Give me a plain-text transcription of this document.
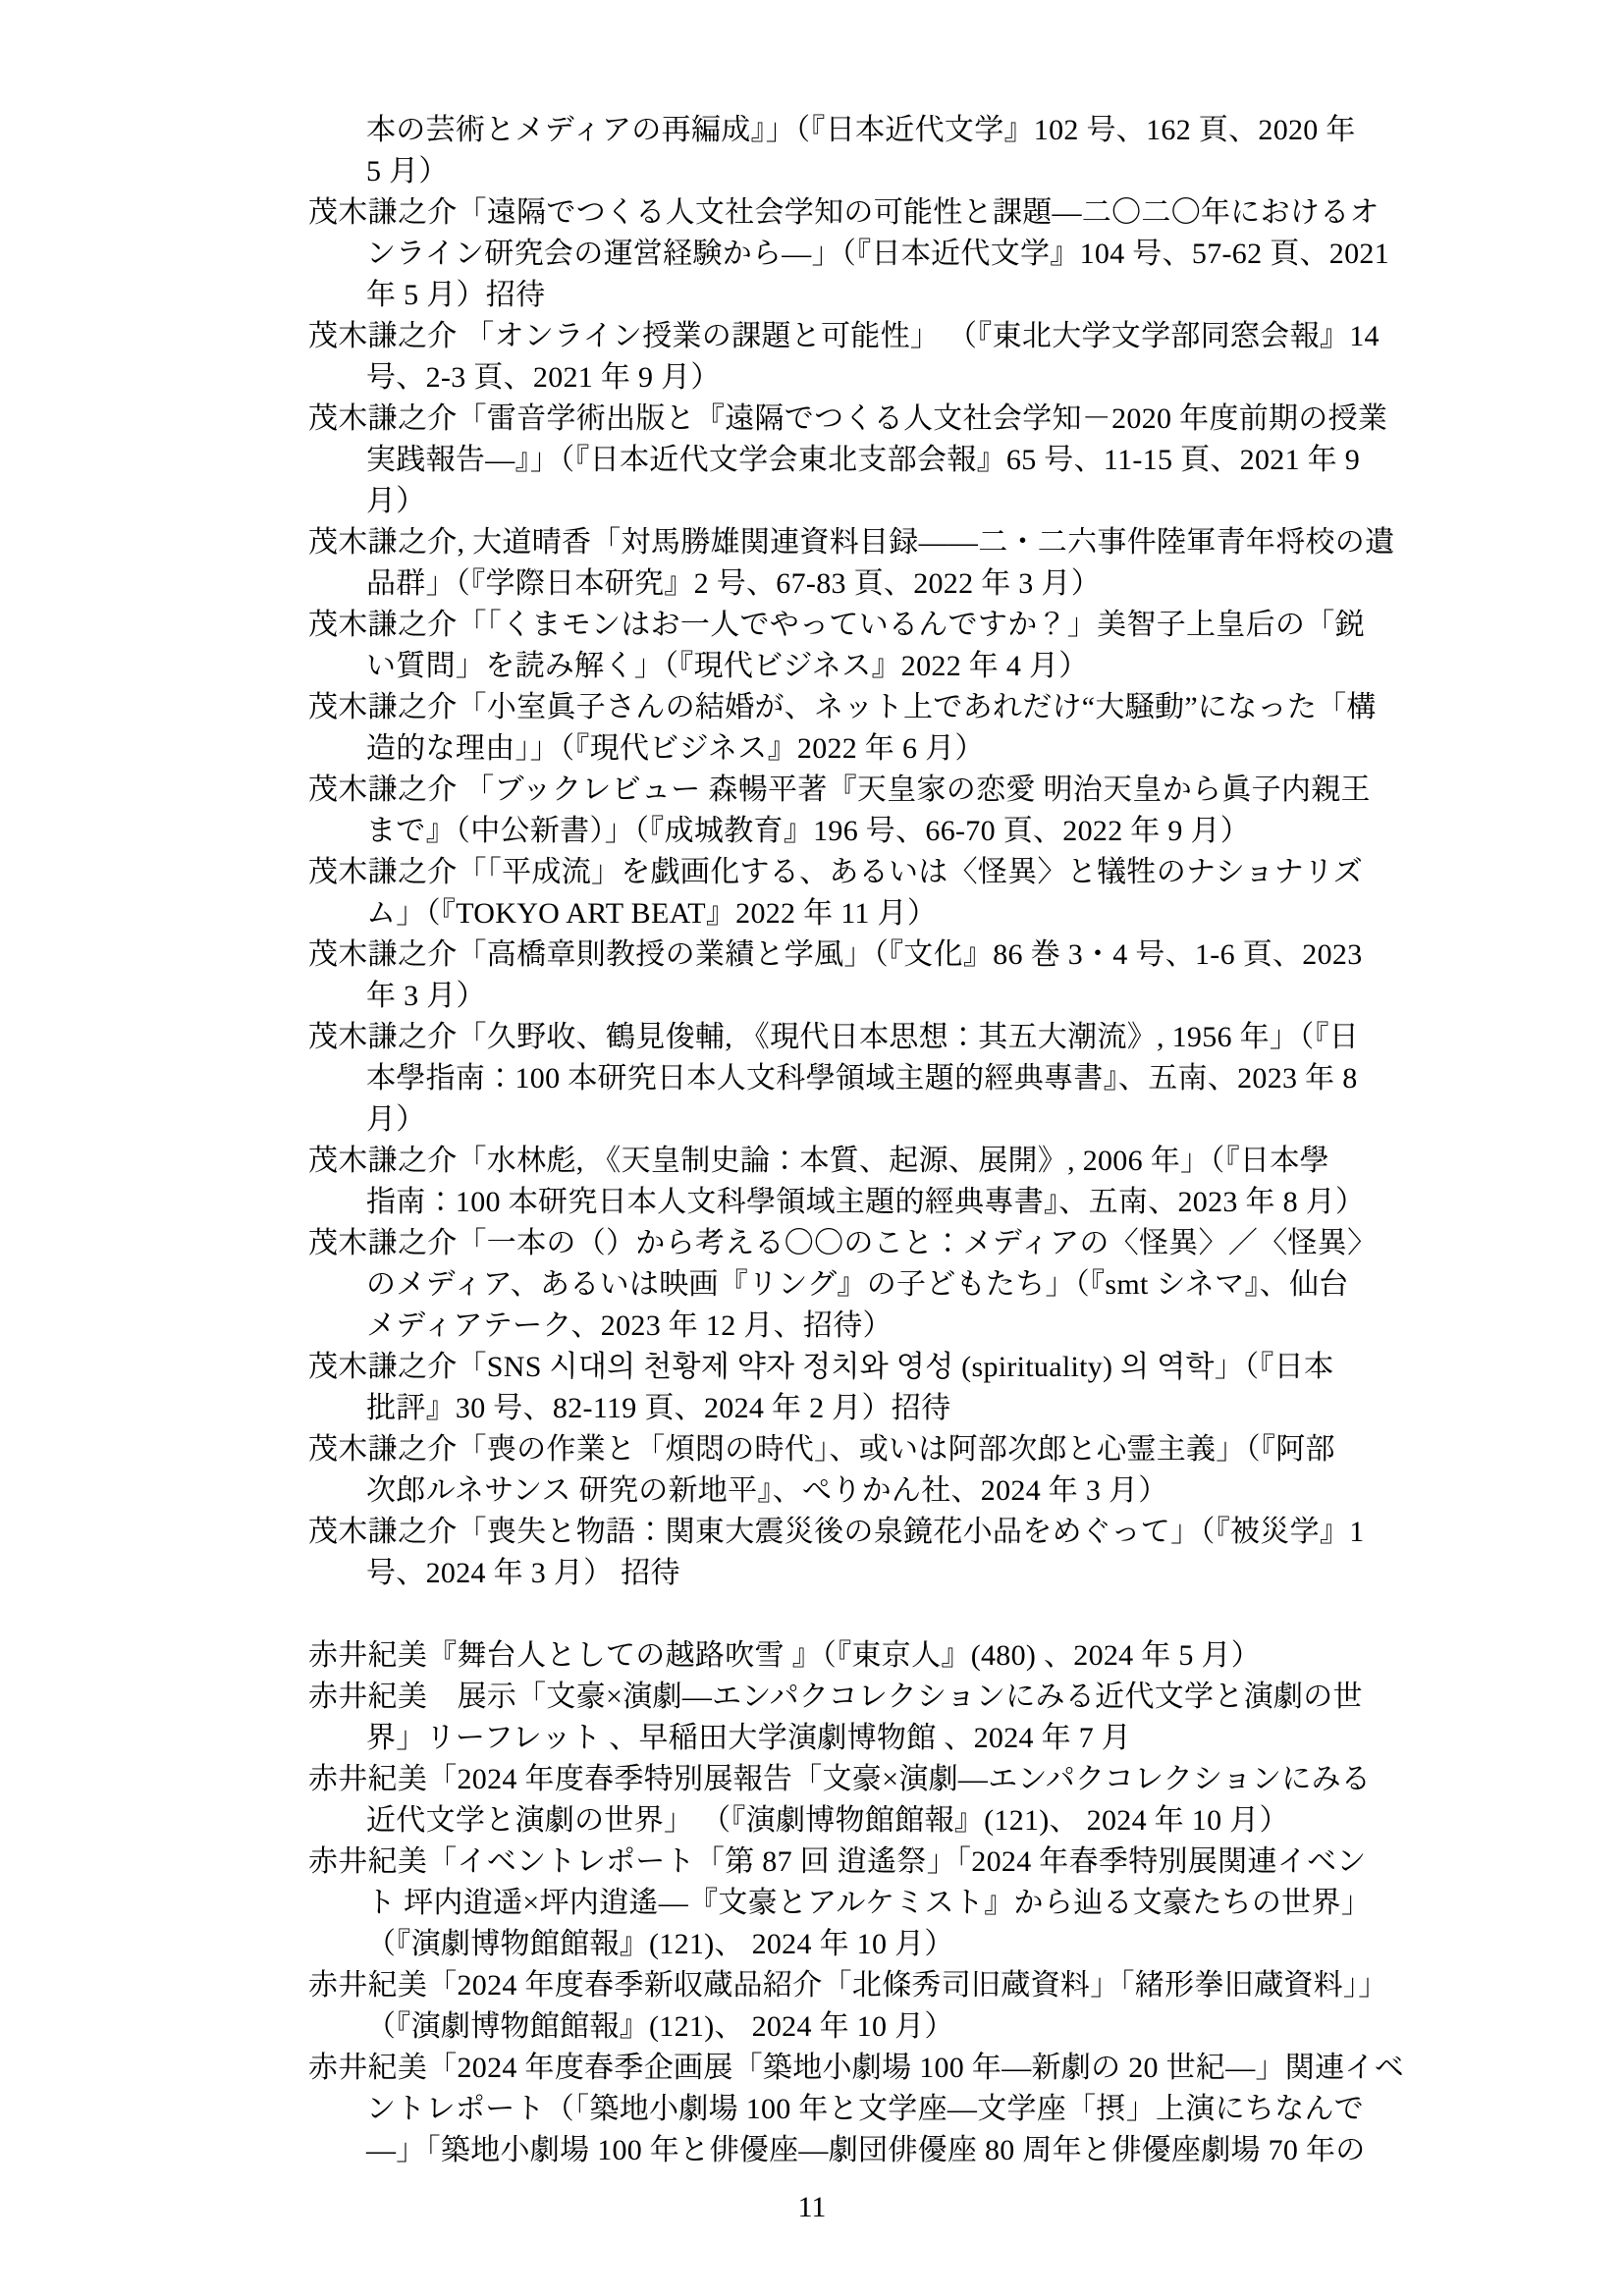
本の芸術とメディアの再編成』」（『日本近代文学』102 号、162 頁、2020 年
5 月）
茂木謙之介「遠隔でつくる人文社会学知の可能性と課題—二〇二〇年におけるオ
ンライン研究会の運営経験から—」（『日本近代文学』104 号、57-62 頁、2021
年 5 月）招待
茂木謙之介 「オンライン授業の課題と可能性」 （『東北大学文学部同窓会報』14
号、2-3 頁、2021 年 9 月）
茂木謙之介「雷音学術出版と『遠隔でつくる人文社会学知－2020 年度前期の授業
実践報告—』」（『日本近代文学会東北支部会報』65 号、11-15 頁、2021 年 9
月）
茂木謙之介, 大道晴香「対馬勝雄関連資料目録——二・二六事件陸軍青年将校の遺
品群」（『学際日本研究』2 号、67-83 頁、2022 年 3 月）
茂木謙之介「「くまモンはお一人でやっているんですか？」美智子上皇后の「鋭
い質問」を読み解く」（『現代ビジネス』2022 年 4 月）
茂木謙之介「小室眞子さんの結婚が、ネット上であれだけ“大騒動”になった「構
造的な理由」」（『現代ビジネス』2022 年 6 月）
茂木謙之介 「ブックレビュー 森暢平著『天皇家の恋愛 明治天皇から眞子内親王
まで』（中公新書）」（『成城教育』196 号、66-70 頁、2022 年 9 月）
茂木謙之介「「平成流」を戯画化する、あるいは〈怪異〉と犠牲のナショナリズ
ム」（『TOKYO ART BEAT』2022 年 11 月）
茂木謙之介「高橋章則教授の業績と学風」（『文化』86 巻 3・4 号、1-6 頁、2023
年 3 月）
茂木謙之介「久野收、鶴見俊輔, 《現代日本思想：其五大潮流》, 1956 年」（『日
本學指南：100 本研究日本人文科學領域主題的經典專書』、五南、2023 年 8
月）
茂木謙之介「水林彪, 《天皇制史論：本質、起源、展開》, 2006 年」（『日本學
指南：100 本研究日本人文科學領域主題的經典專書』、五南、2023 年 8 月）
茂木謙之介「一本の（）から考える〇〇のこと：メディアの〈怪異〉／〈怪異〉
のメディア、あるいは映画『リング』の子どもたち」（『smt シネマ』、仙台
メディアテーク、2023 年 12 月、招待）
茂木謙之介「SNS 시대의 천황제 약자 정치와 영성 (spirituality) 의 역학」（『日本
批評』30 号、82-119 頁、2024 年 2 月）招待
茂木謙之介「喪の作業と「煩悶の時代」、或いは阿部次郎と心霊主義」（『阿部
次郎ルネサンス 研究の新地平』、ぺりかん社、2024 年 3 月）
茂木謙之介「喪失と物語：関東大震災後の泉鏡花小品をめぐって」（『被災学』1
号、2024 年 3 月） 招待
赤井紀美『舞台人としての越路吹雪 』（『東京人』(480) 、2024 年 5 月）
赤井紀美　展示「文豪×演劇—エンパクコレクションにみる近代文学と演劇の世
界」リーフレット 、早稲田大学演劇博物館 、2024 年 7 月
赤井紀美「2024 年度春季特別展報告「文豪×演劇—エンパクコレクションにみる
近代文学と演劇の世界」 （『演劇博物館館報』(121)、 2024 年 10 月）
赤井紀美「イベントレポート「第 87 回 逍遙祭」「2024 年春季特別展関連イベン
ト 坪内逍遥×坪内逍遙—『文豪とアルケミスト』から辿る文豪たちの世界」
（『演劇博物館館報』(121)、 2024 年 10 月）
赤井紀美「2024 年度春季新収蔵品紹介「北條秀司旧蔵資料」「緒形拳旧蔵資料」」
（『演劇博物館館報』(121)、 2024 年 10 月）
赤井紀美「2024 年度春季企画展「築地小劇場 100 年—新劇の 20 世紀—」関連イベ
ントレポート（「築地小劇場 100 年と文学座—文学座「摂」上演にちなんで
—」「築地小劇場 100 年と俳優座—劇団俳優座 80 周年と俳優座劇場 70 年の
11
